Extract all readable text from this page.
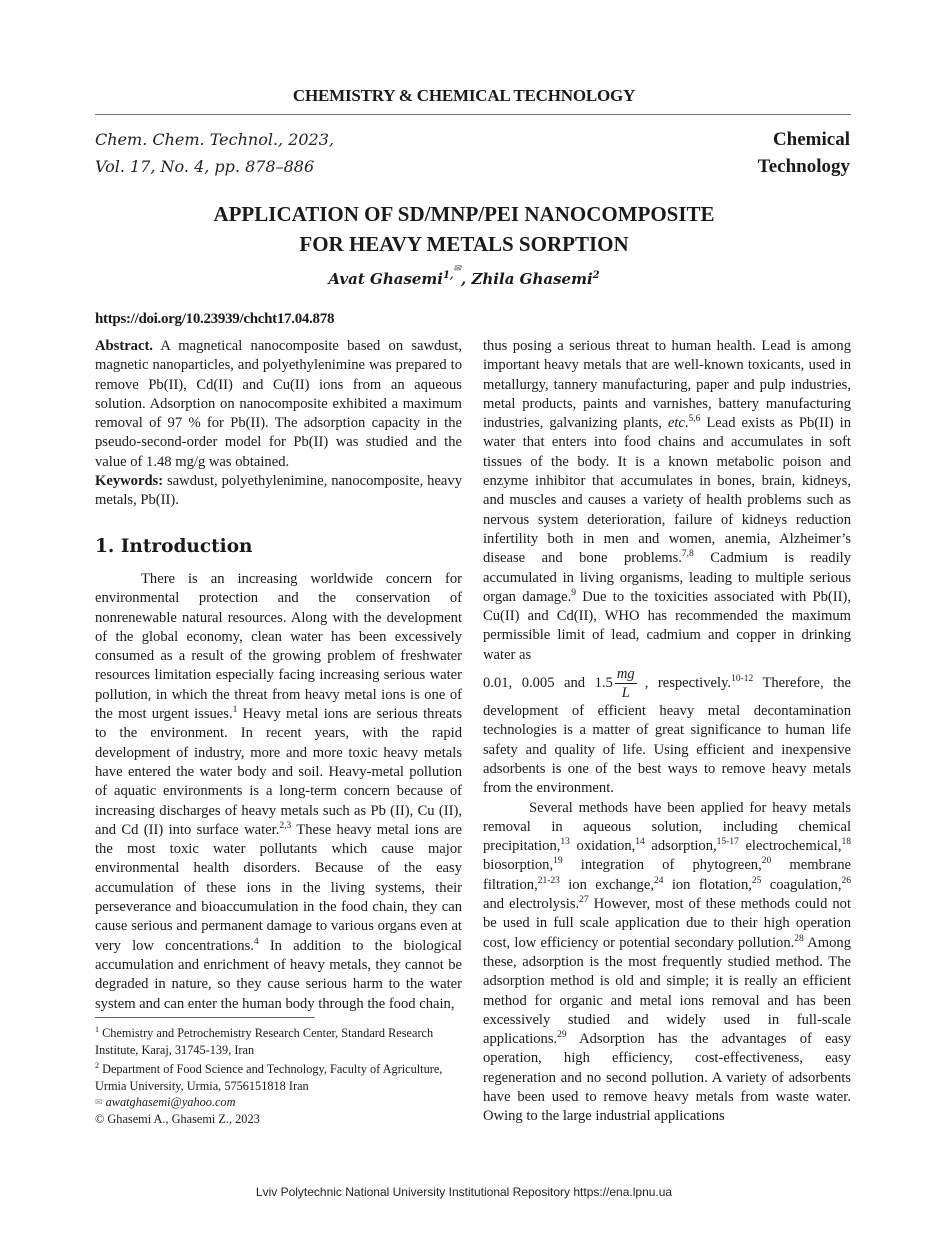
CHEMISTRY & CHEMICAL TECHNOLOGY
Chem. Chem. Technol., 2023,
Vol. 17, No. 4, pp. 878–886
Chemical
Technology
APPLICATION OF SD/MNP/PEI NANOCOMPOSITE
FOR HEAVY METALS SORPTION
Avat Ghasemi$^{1,✉}$, Zhila Ghasemi$^2$
https://doi.org/10.23939/chcht17.04.878

Abstract. A magnetical nanocomposite based on sawdust, magnetic nanoparticles, and polyethylenimine was prepared to remove Pb(II), Cd(II) and Cu(II) ions from an aqueous solution. Adsorption on nanocomposite exhibited a maximum removal of 97 % for Pb(II). The adsorption capacity in the pseudo-second-order model for Pb(II) was studied and the value of 1.48 mg/g was obtained.

Keywords: sawdust, polyethylenimine, nanocomposite, heavy metals, Pb(II).

1. Introduction

There is an increasing worldwide concern for environmental protection and the conservation of nonrenewable natural resources. Along with the development of the global economy, clean water has been excessively consumed as a result of the growing problem of freshwater resources limitation especially facing increasing serious water pollution, in which the threat from heavy metal ions is one of the most urgent issues.$^1$ Heavy metal ions are serious threats to the environment. In recent years, with the rapid development of industry, more and more toxic heavy metals have entered the water body and soil. Heavy-metal pollution of aquatic environments is a long-term concern because of increasing discharges of heavy metals such as Pb (II), Cu (II), and Cd (II) into surface water.$^{2,3}$ These heavy metal ions are the most toxic water pollutants which cause major environmental health disorders. Because of the easy accumulation of these ions in the living systems, their perseverance and bioaccumulation in the food chain, they can cause serious and permanent damage to various organs even at very low concentrations.$^4$ In addition to the biological accumulation and enrichment of heavy metals, they cannot be degraded in nature, so they cause serious harm to the water system and can enter the human body through the food chain,

$^1$ Chemistry and Petrochemistry Research Center, Standard Research Institute, Karaj, 31745-139, Iran
$^2$ Department of Food Science and Technology, Faculty of Agriculture, Urmia University, Urmia, 5756151818 Iran
✉ awatghasemi@yahoo.com
© Ghasemi A., Ghasemi Z., 2023

thus posing a serious threat to human health. Lead is among important heavy metals that are well-known toxicants, used in metallurgy, tannery manufacturing, paper and pulp industries, metal products, paints and varnishes, battery manufacturing industries, galvanizing plants, etc.$^{5,6}$ Lead exists as Pb(II) in water that enters into food chains and accumulates in soft tissues of the body. It is a known metabolic poison and enzyme inhibitor that accumulates in bones, brain, kidneys, and muscles and causes a variety of health problems such as nervous system deterioration, failure of kidneys reduction infertility both in men and women, anemia, Alzheimer’s disease and bone problems.$^{7,8}$ Cadmium is readily accumulated in living organisms, leading to multiple serious organ damage.$^9$ Due to the toxicities associated with Pb(II), Cu(II) and Cd(II), WHO has recommended the maximum permissible limit of lead, cadmium and copper in drinking water as

0.01, 0.005 and $1.5 \frac{mg}{L}$ , respectively.$^{10-12}$ Therefore, the development of efficient heavy metal decontamination technologies is a matter of great significance to human life safety and quality of life. Using efficient and inexpensive adsorbents is one of the best ways to remove heavy metals from the environment.

Several methods have been applied for heavy metals removal in aqueous solution, including chemical precipitation,$^{13}$ oxidation,$^{14}$ adsorption,$^{15-17}$ electrochemical,$^{18}$ biosorption,$^{19}$ integration of phytogreen,$^{20}$ membrane filtration,$^{21-23}$ ion exchange,$^{24}$ ion flotation,$^{25}$ coagulation,$^{26}$ and electrolysis.$^{27}$ However, most of these methods could not be used in full scale application due to their high operation cost, low efficiency or potential secondary pollution.$^{28}$ Among these, adsorption is the most frequently studied method. The adsorption method is old and simple; it is really an efficient method for organic and metal ions removal and has been excessively studied and widely used in full-scale applications.$^{29}$ Adsorption has the advantages of easy operation, high efficiency, cost-effectiveness, easy regeneration and no second pollution. A variety of adsorbents have been used to remove heavy metals from waste water. Owing to the large industrial applications

Lviv Polytechnic National University Institutional Repository https://ena.lpnu.ua
